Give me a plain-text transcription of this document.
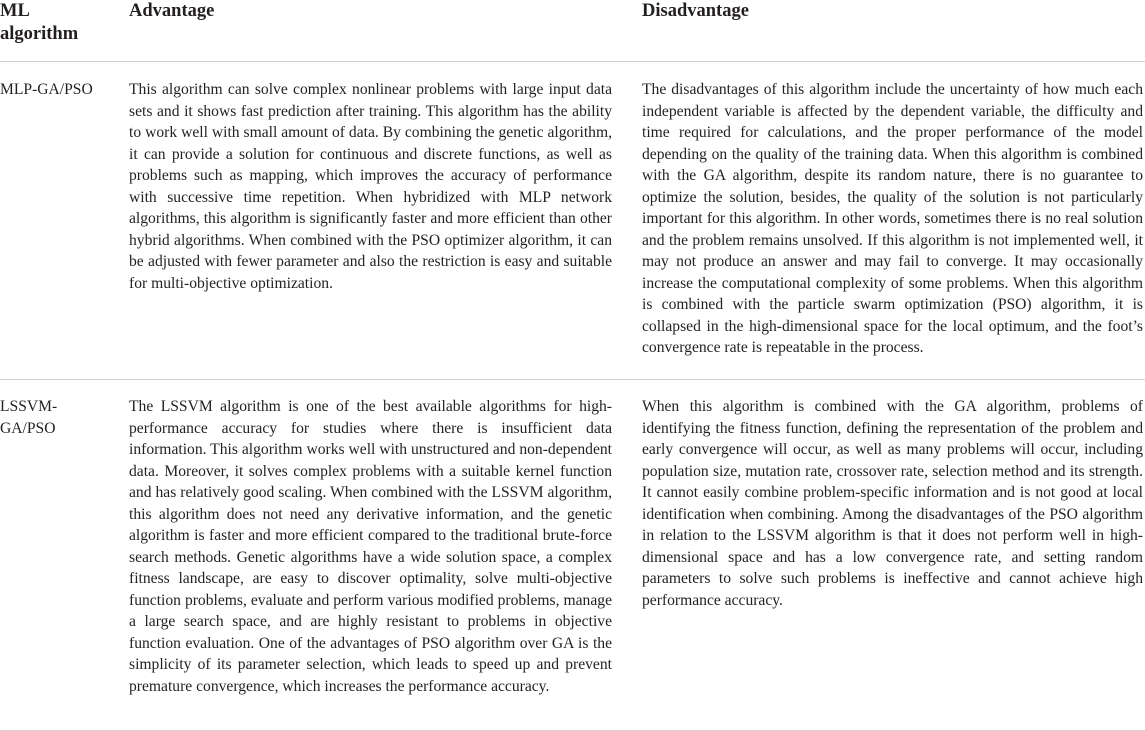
ML algorithm
Advantage	Disadvantage
MLP-GA/PSO	This algorithm can solve complex nonlinear problems with large input data sets and it shows fast prediction after training. This algorithm has the ability to work well with small amount of data. By combining the genetic algorithm, it can provide a solution for continuous and discrete functions, as well as problems such as mapping, which improves the accuracy of performance with successive time repetition. When hybridized with MLP network algorithms, this algorithm is significantly faster and more efficient than other hybrid algorithms. When combined with the PSO optimizer algorithm, it can be adjusted with fewer parameter and also the restriction is easy and suitable for multi-objective optimization.
The disadvantages of this algorithm include the uncertainty of how much each independent variable is affected by the dependent variable, the difficulty and time required for calculations, and the proper performance of the model depending on the quality of the training data. When this algorithm is combined with the GA algorithm, despite its random nature, there is no guarantee to optimize the solution, besides, the quality of the solution is not particularly important for this algorithm. In other words, sometimes there is no real solution and the problem remains unsolved. If this algorithm is not implemented well, it may not produce an answer and may fail to converge. It may occasionally increase the computational complexity of some problems. When this algorithm is combined with the particle swarm optimization (PSO) algorithm, it is collapsed in the high-dimensional space for the local optimum, and the foot’s convergence rate is repeatable in the process.
LSSVM-GA/PSO
The LSSVM algorithm is one of the best available algorithms for high-performance accuracy for studies where there is insufficient data information. This algorithm works well with unstructured and non-dependent data. Moreover, it solves complex problems with a suitable kernel function and has relatively good scaling. When combined with the LSSVM algorithm, this algorithm does not need any derivative information, and the genetic algorithm is faster and more efficient compared to the traditional brute-force search methods. Genetic algorithms have a wide solution space, a complex fitness landscape, are easy to discover optimality, solve multi-objective function problems, evaluate and perform various modified problems, manage a large search space, and are highly resistant to problems in objective function evaluation. One of the advantages of PSO algorithm over GA is the simplicity of its parameter selection, which leads to speed up and prevent premature convergence, which increases the performance accuracy.
When this algorithm is combined with the GA algorithm, problems of identifying the fitness function, defining the representation of the problem and early convergence will occur, as well as many problems will occur, including population size, mutation rate, crossover rate, selection method and its strength. It cannot easily combine problem-specific information and is not good at local identification when combining. Among the disadvantages of the PSO algorithm in relation to the LSSVM algorithm is that it does not perform well in high-dimensional space and has a low convergence rate, and setting random parameters to solve such problems is ineffective and cannot achieve high performance accuracy.
